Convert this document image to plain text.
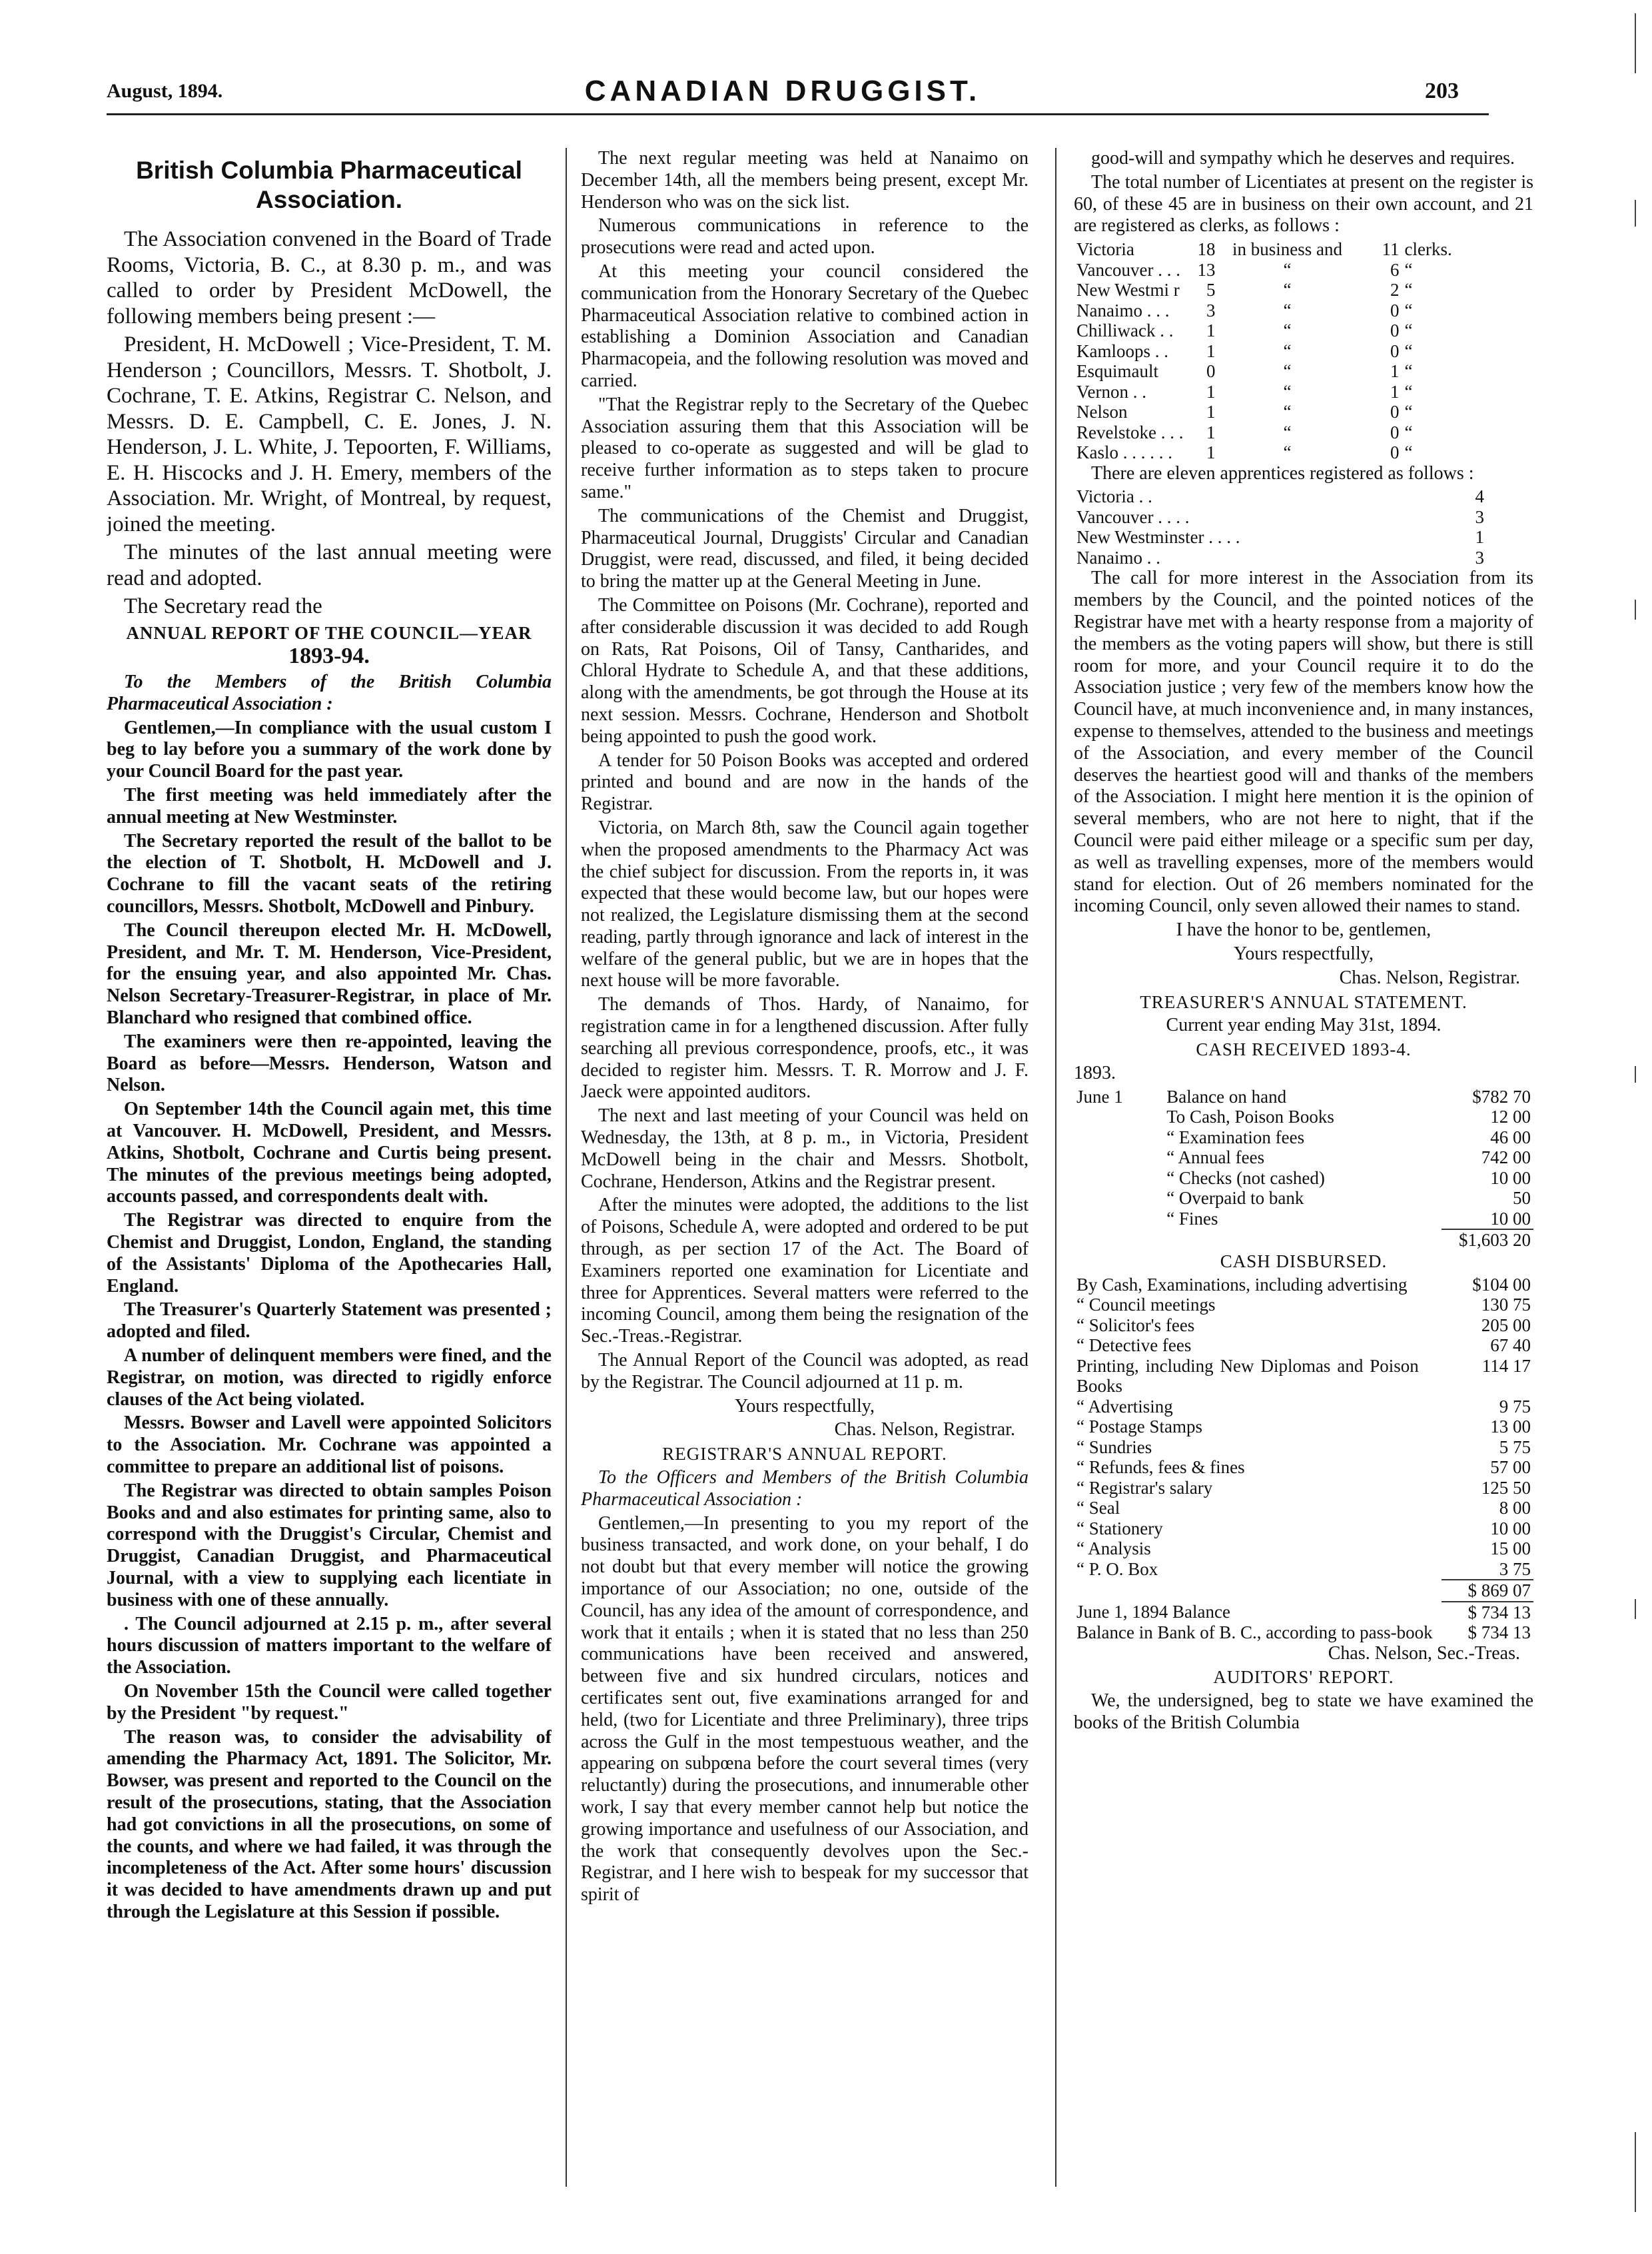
August, 1894.	CANADIAN DRUGGIST.	203

British Columbia Pharmaceutical Association.

The Association convened in the Board of Trade Rooms, Victoria, B. C., at 8.30 p. m., and was called to order by President McDowell, the following members being present :—

President, H. McDowell ; Vice-President, T. M. Henderson ; Councillors, Messrs. T. Shotbolt, J. Cochrane, T. E. Atkins, Registrar C. Nelson, and Messrs. D. E. Campbell, C. E. Jones, J. N. Henderson, J. L. White, J. Tepoorten, F. Williams, E. H. Hiscocks and J. H. Emery, members of the Association. Mr. Wright, of Montreal, by request, joined the meeting.

The minutes of the last annual meeting were read and adopted.

The Secretary read the

ANNUAL REPORT OF THE COUNCIL—YEAR

1893-94.

To the Members of the British Columbia Pharmaceutical Association :

Gentlemen,—In compliance with the usual custom I beg to lay before you a summary of the work done by your Council Board for the past year.

The first meeting was held immediately after the annual meeting at New Westminster.

The Secretary reported the result of the ballot to be the election of T. Shotbolt, H. McDowell and J. Cochrane to fill the vacant seats of the retiring councillors, Messrs. Shotbolt, McDowell and Pinbury.

The Council thereupon elected Mr. H. McDowell, President, and Mr. T. M. Henderson, Vice-President, for the ensuing year, and also appointed Mr. Chas. Nelson Secretary-Treasurer-Registrar, in place of Mr. Blanchard who resigned that combined office.

The examiners were then re-appointed, leaving the Board as before—Messrs. Henderson, Watson and Nelson.

On September 14th the Council again met, this time at Vancouver. H. McDowell, President, and Messrs. Atkins, Shotbolt, Cochrane and Curtis being present. The minutes of the previous meetings being adopted, accounts passed, and correspondents dealt with.

The Registrar was directed to enquire from the Chemist and Druggist, London, England, the standing of the Assistants' Diploma of the Apothecaries Hall, England.

The Treasurer's Quarterly Statement was presented ; adopted and filed.

A number of delinquent members were fined, and the Registrar, on motion, was directed to rigidly enforce clauses of the Act being violated.

Messrs. Bowser and Lavell were appointed Solicitors to the Association. Mr. Cochrane was appointed a committee to prepare an additional list of poisons.

The Registrar was directed to obtain samples Poison Books and and also estimates for printing same, also to correspond with the Druggist's Circular, Chemist and Druggist, Canadian Druggist, and Pharmaceutical Journal, with a view to supplying each licentiate in business with one of these annually.

. The Council adjourned at 2.15 p. m., after several hours discussion of matters important to the welfare of the Association.

On November 15th the Council were called together by the President "by request."

The reason was, to consider the advisability of amending the Pharmacy Act, 1891. The Solicitor, Mr. Bowser, was present and reported to the Council on the result of the prosecutions, stating, that the Association had got convictions in all the prosecutions, on some of the counts, and where we had failed, it was through the incompleteness of the Act. After some hours' discussion it was decided to have amendments drawn up and put through the Legislature at this Session if possible.

The next regular meeting was held at Nanaimo on December 14th, all the members being present, except Mr. Henderson who was on the sick list.

Numerous communications in reference to the prosecutions were read and acted upon.

At this meeting your council considered the communication from the Honorary Secretary of the Quebec Pharmaceutical Association relative to combined action in establishing a Dominion Association and Canadian Pharmacopeia, and the following resolution was moved and carried.

"That the Registrar reply to the Secretary of the Quebec Association assuring them that this Association will be pleased to co-operate as suggested and will be glad to receive further information as to steps taken to procure same."

The communications of the Chemist and Druggist, Pharmaceutical Journal, Druggists' Circular and Canadian Druggist, were read, discussed, and filed, it being decided to bring the matter up at the General Meeting in June.

The Committee on Poisons (Mr. Cochrane), reported and after considerable discussion it was decided to add Rough on Rats, Rat Poisons, Oil of Tansy, Cantharides, and Chloral Hydrate to Schedule A, and that these additions, along with the amendments, be got through the House at its next session. Messrs. Cochrane, Henderson and Shotbolt being appointed to push the good work.

A tender for 50 Poison Books was accepted and ordered printed and bound and are now in the hands of the Registrar.

Victoria, on March 8th, saw the Council again together when the proposed amendments to the Pharmacy Act was the chief subject for discussion. From the reports in, it was expected that these would become law, but our hopes were not realized, the Legislature dismissing them at the second reading, partly through ignorance and lack of interest in the welfare of the general public, but we are in hopes that the next house will be more favorable.

The demands of Thos. Hardy, of Nanaimo, for registration came in for a lengthened discussion. After fully searching all previous correspondence, proofs, etc., it was decided to register him. Messrs. T. R. Morrow and J. F. Jaeck were appointed auditors.

The next and last meeting of your Council was held on Wednesday, the 13th, at 8 p. m., in Victoria, President McDowell being in the chair and Messrs. Shotbolt, Cochrane, Henderson, Atkins and the Registrar present.

After the minutes were adopted, the additions to the list of Poisons, Schedule A, were adopted and ordered to be put through, as per section 17 of the Act. The Board of Examiners reported one examination for Licentiate and three for Apprentices. Several matters were referred to the incoming Council, among them being the resignation of the Sec.-Treas.-Registrar.

The Annual Report of the Council was adopted, as read by the Registrar. The Council adjourned at 11 p. m.

Yours respectfully,

Chas. Nelson, Registrar.

REGISTRAR'S ANNUAL REPORT.

To the Officers and Members of the British Columbia Pharmaceutical Association :

Gentlemen,—In presenting to you my report of the business transacted, and work done, on your behalf, I do not doubt but that every member will notice the growing importance of our Association; no one, outside of the Council, has any idea of the amount of correspondence, and work that it entails ; when it is stated that no less than 250 communications have been received and answered, between five and six hundred circulars, notices and certificates sent out, five examinations arranged for and held, (two for Licentiate and three Preliminary), three trips across the Gulf in the most tempestuous weather, and the appearing on subpœna before the court several times (very reluctantly) during the prosecutions, and innumerable other work, I say that every member cannot help but notice the growing importance and usefulness of our Association, and the work that consequently devolves upon the Sec.-Registrar, and I here wish to bespeak for my successor that spirit of

good-will and sympathy which he deserves and requires.

The total number of Licentiates at present on the register is 60, of these 45 are in business on their own account, and 21 are registered as clerks, as follows :

Victoria	18	in business and	11	clerks.
Vancouver . . .	13	“	6	“
New Westmi r	5	“	2	“
Nanaimo . . .	3	“	0	“
Chilliwack . .	1	“	0	“
Kamloops . .	1	“	0	“
Esquimault	0	“	1	“
Vernon . .	1	“	1	“
Nelson	1	“	0	“
Revelstoke . . .	1	“	0	“
Kaslo . . . . . .	1	“	0	“

There are eleven apprentices registered as follows :

Victoria . .	4
Vancouver . . . .	3
New Westminster . . . .	1
Nanaimo . .	3

The call for more interest in the Association from its members by the Council, and the pointed notices of the Registrar have met with a hearty response from a majority of the members as the voting papers will show, but there is still room for more, and your Council require it to do the Association justice ; very few of the members know how the Council have, at much inconvenience and, in many instances, expense to themselves, attended to the business and meetings of the Association, and every member of the Council deserves the heartiest good will and thanks of the members of the Association. I might here mention it is the opinion of several members, who are not here to night, that if the Council were paid either mileage or a specific sum per day, as well as travelling expenses, more of the members would stand for election. Out of 26 members nominated for the incoming Council, only seven allowed their names to stand.

I have the honor to be, gentlemen,

Yours respectfully,

Chas. Nelson, Registrar.

TREASURER'S ANNUAL STATEMENT.

Current year ending May 31st, 1894.

CASH RECEIVED 1893-4.

1893.

June 1	Balance on hand	$782 70
	To Cash, Poison Books	12 00
	“ Examination fees	46 00
	“ Annual fees	742 00
	“ Checks (not cashed)	10 00
	“ Overpaid to bank	50
	“ Fines	10 00
	$1,603 20

CASH DISBURSED.

By Cash, Examinations, including advertising	$104 00
“ Council meetings	130 75
“ Solicitor's fees	205 00
“ Detective fees	67 40
Printing, including New Diplomas and Poison Books	114 17
“ Advertising	9 75
“ Postage Stamps	13 00
“ Sundries	5 75
“ Refunds, fees & fines	57 00
“ Registrar's salary	125 50
“ Seal	8 00
“ Stationery	10 00
“ Analysis	15 00
“ P. O. Box	3 75
	$ 869 07
June 1, 1894 Balance	$ 734 13
Balance in Bank of B. C., according to pass-book	$ 734 13

Chas. Nelson, Sec.-Treas.

AUDITORS' REPORT.

We, the undersigned, beg to state we have examined the books of the British Columbia
